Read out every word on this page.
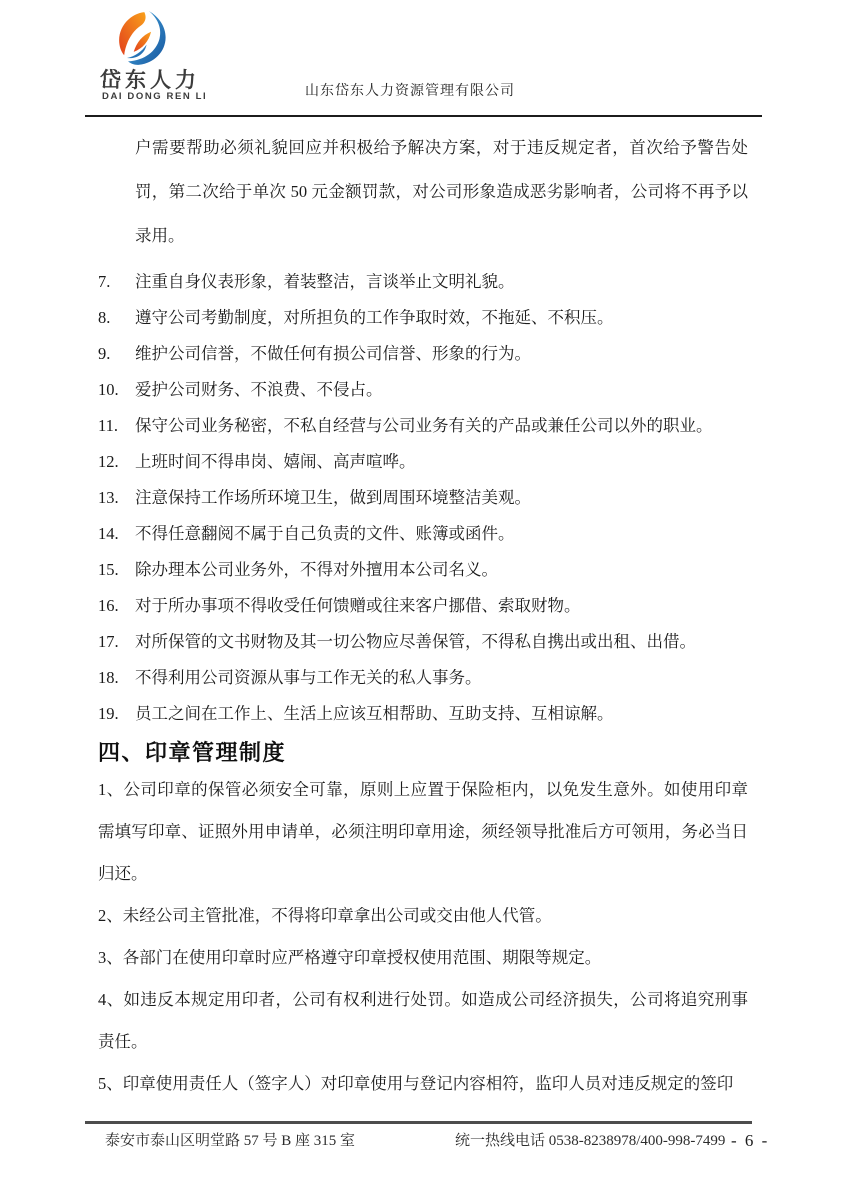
岱东人力
DAI DONG REN LI	山东岱东人力资源管理有限公司

户需要帮助必须礼貌回应并积极给予解决方案，对于违反规定者，首次给予警告处罚，第二次给于单次 50 元金额罚款，对公司形象造成恶劣影响者，公司将不再予以录用。

7.	注重自身仪表形象，着装整洁，言谈举止文明礼貌。
8.	遵守公司考勤制度，对所担负的工作争取时效，不拖延、不积压。
9.	维护公司信誉，不做任何有损公司信誉、形象的行为。
10. 爱护公司财务、不浪费、不侵占。
11.	保守公司业务秘密，不私自经营与公司业务有关的产品或兼任公司以外的职业。
12. 上班时间不得串岗、嬉闹、高声喧哗。
13. 注意保持工作场所环境卫生，做到周围环境整洁美观。
14. 不得任意翻阅不属于自己负责的文件、账簿或函件。
15. 除办理本公司业务外，不得对外擅用本公司名义。
16. 对于所办事项不得收受任何馈赠或往来客户挪借、索取财物。
17. 对所保管的文书财物及其一切公物应尽善保管，不得私自携出或出租、出借。
18. 不得利用公司资源从事与工作无关的私人事务。
19. 员工之间在工作上、生活上应该互相帮助、互助支持、互相谅解。
四、印章管理制度

1、公司印章的保管必须安全可靠，原则上应置于保险柜内，以免发生意外。如使用印章需填写印章、证照外用申请单，必须注明印章用途，须经领导批准后方可领用，务必当日归还。

2、未经公司主管批准，不得将印章拿出公司或交由他人代管。

3、各部门在使用印章时应严格遵守印章授权使用范围、期限等规定。

4、如违反本规定用印者，公司有权利进行处罚。如造成公司经济损失，公司将追究刑事责任。

5、印章使用责任人（签字人）对印章使用与登记内容相符，监印人员对违反规定的签印

泰安市泰山区明堂路 57 号 B 座 315 室	统一热线电话 0538-8238978/400-998-7499 - 6 -
